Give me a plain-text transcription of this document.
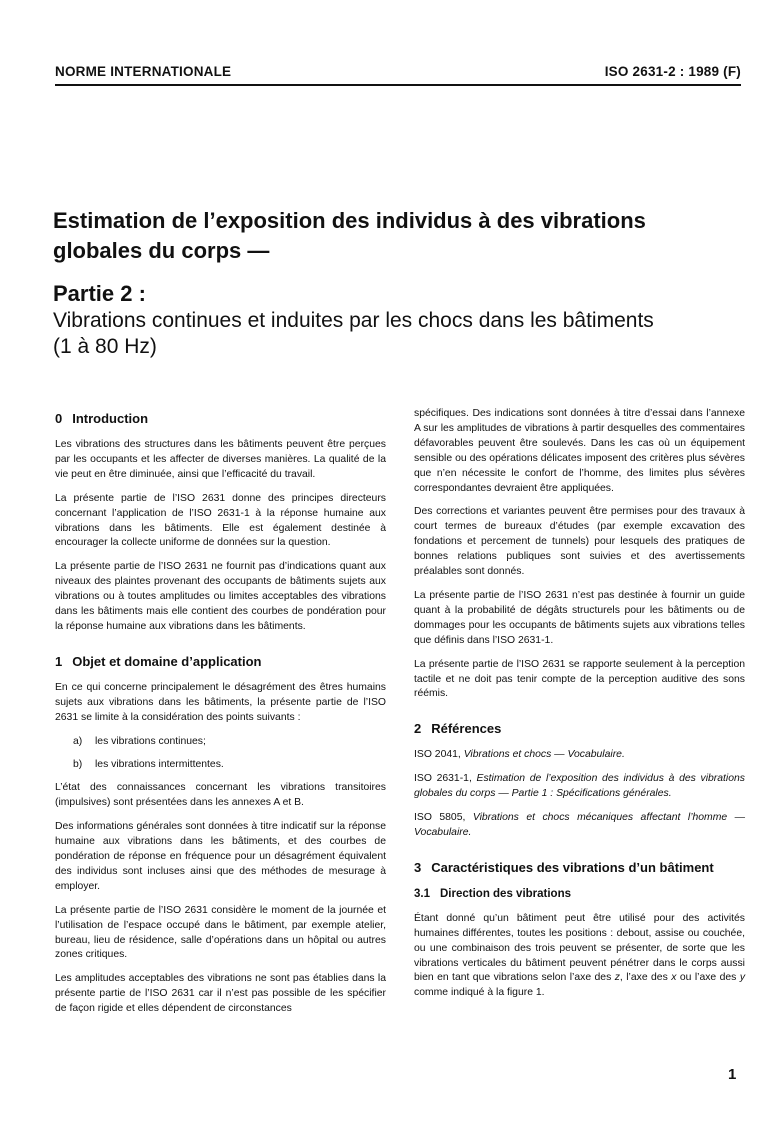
NORME INTERNATIONALE	ISO 2631-2 : 1989 (F)
Estimation de l’exposition des individus à des vibrations
globales du corps —
Partie 2 :
Vibrations continues et induites par les chocs dans les bâtiments
(1 à 80 Hz)
0 Introduction

Les vibrations des structures dans les bâtiments peuvent être perçues par les occupants et les affecter de diverses manières. La qualité de la vie peut en être diminuée, ainsi que l’efficacité du travail.

La présente partie de l’ISO 2631 donne des principes directeurs concernant l’application de l’ISO 2631-1 à la réponse humaine aux vibrations dans les bâtiments. Elle est également destinée à encourager la collecte uniforme de données sur la question.

La présente partie de l’ISO 2631 ne fournit pas d’indications quant aux niveaux des plaintes provenant des occupants de bâtiments sujets aux vibrations ou à toutes amplitudes ou limites acceptables des vibrations dans les bâtiments mais elle contient des courbes de pondération pour la réponse humaine aux vibrations dans les bâtiments.

1 Objet et domaine d’application

En ce qui concerne principalement le désagrément des êtres humains sujets aux vibrations dans les bâtiments, la présente partie de l’ISO 2631 se limite à la considération des points suivants :

a) les vibrations continues;
b) les vibrations intermittentes.

L’état des connaissances concernant les vibrations transitoires (impulsives) sont présentées dans les annexes A et B.

Des informations générales sont données à titre indicatif sur la réponse humaine aux vibrations dans les bâtiments, et des courbes de pondération de réponse en fréquence pour un désagrément équivalent des individus sont incluses ainsi que des méthodes de mesurage à employer.

La présente partie de l’ISO 2631 considère le moment de la journée et l’utilisation de l’espace occupé dans le bâtiment, par exemple atelier, bureau, lieu de résidence, salle d’opérations dans un hôpital ou autres zones critiques.

Les amplitudes acceptables des vibrations ne sont pas établies dans la présente partie de l’ISO 2631 car il n’est pas possible de les spécifier de façon rigide et elles dépendent de circonstances

spécifiques. Des indications sont données à titre d’essai dans l’annexe A sur les amplitudes de vibrations à partir desquelles des commentaires défavorables peuvent être soulevés. Dans les cas où un équipement sensible ou des opérations délicates imposent des critères plus sévères que n’en nécessite le confort de l’homme, des limites plus sévères correspondantes devraient être appliquées.

Des corrections et variantes peuvent être permises pour des travaux à court termes de bureaux d’études (par exemple excavation des fondations et percement de tunnels) pour lesquels des pratiques de bonnes relations publiques sont suivies et des avertissements préalables sont donnés.

La présente partie de l’ISO 2631 n’est pas destinée à fournir un guide quant à la probabilité de dégâts structurels pour les bâtiments ou de dommages pour les occupants de bâtiments sujets aux vibrations telles que définis dans l’ISO 2631-1.

La présente partie de l’ISO 2631 se rapporte seulement à la perception tactile et ne doit pas tenir compte de la perception auditive des sons réémis.

2 Références

ISO 2041, Vibrations et chocs — Vocabulaire.

ISO 2631-1, Estimation de l’exposition des individus à des vibrations globales du corps — Partie 1 : Spécifications générales.

ISO 5805, Vibrations et chocs mécaniques affectant l’homme — Vocabulaire.

3 Caractéristiques des vibrations d’un bâtiment
3.1 Direction des vibrations

Étant donné qu’un bâtiment peut être utilisé pour des activités humaines différentes, toutes les positions : debout, assise ou couchée, ou une combinaison des trois peuvent se présenter, de sorte que les vibrations verticales du bâtiment peuvent pénétrer dans le corps aussi bien en tant que vibrations selon l’axe des z, l’axe des x ou l’axe des y comme indiqué à la figure 1.

1
